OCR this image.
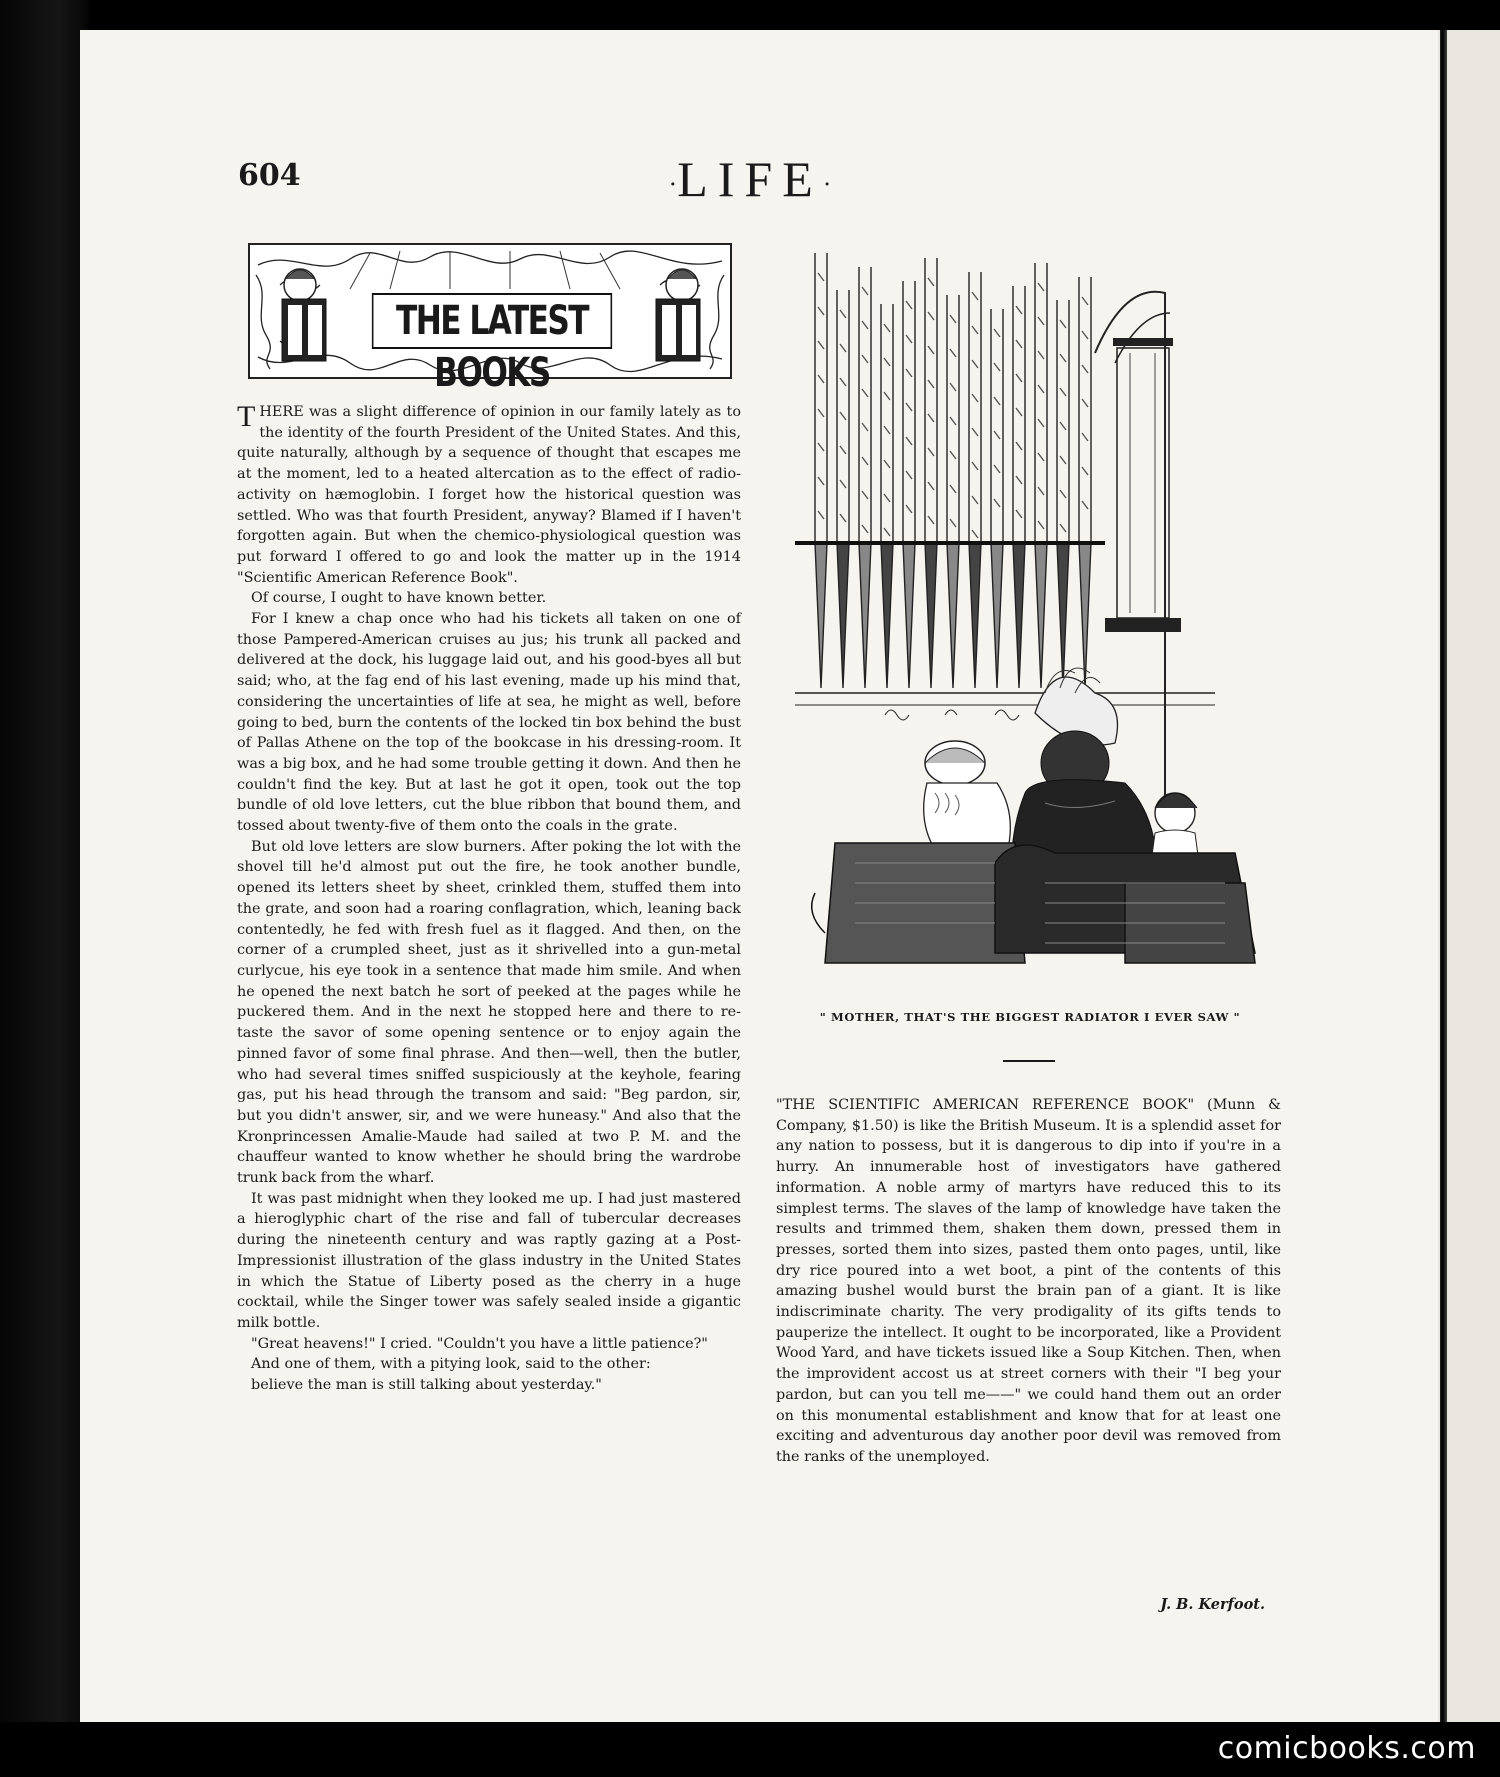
604	·LIFE·
THE LATEST BOOKS

THERE was a slight difference of opinion in our family lately as to the identity of the fourth President of the United States. And this, quite naturally, although by a sequence of thought that escapes me at the moment, led to a heated altercation as to the effect of radio-activity on hæmoglobin. I forget how the historical question was settled. Who was that fourth President, anyway? Blamed if I haven't forgotten again. But when the chemico-physiological question was put forward I offered to go and look the matter up in the 1914 "Scientific American Reference Book".

Of course, I ought to have known better.

For I knew a chap once who had his tickets all taken on one of those Pampered-American cruises au jus; his trunk all packed and delivered at the dock, his luggage laid out, and his good-byes all but said; who, at the fag end of his last evening, made up his mind that, considering the uncertainties of life at sea, he might as well, before going to bed, burn the contents of the locked tin box behind the bust of Pallas Athene on the top of the bookcase in his dressing-room. It was a big box, and he had some trouble getting it down. And then he couldn't find the key. But at last he got it open, took out the top bundle of old love letters, cut the blue ribbon that bound them, and tossed about twenty-five of them onto the coals in the grate.

But old love letters are slow burners. After poking the lot with the shovel till he'd almost put out the fire, he took another bundle, opened its letters sheet by sheet, crinkled them, stuffed them into the grate, and soon had a roaring conflagration, which, leaning back contentedly, he fed with fresh fuel as it flagged. And then, on the corner of a crumpled sheet, just as it shrivelled into a gun-metal curlycue, his eye took in a sentence that made him smile. And when he opened the next batch he sort of peeked at the pages while he puckered them. And in the next he stopped here and there to re-taste the savor of some opening sentence or to enjoy again the pinned favor of some final phrase. And then—well, then the butler, who had several times sniffed suspiciously at the keyhole, fearing gas, put his head through the transom and said: "Beg pardon, sir, but you didn't answer, sir, and we were huneasy." And also that the Kronprincessen Amalie-Maude had sailed at two P. M. and the chauffeur wanted to know whether he should bring the wardrobe trunk back from the wharf.

It was past midnight when they looked me up. I had just mastered a hieroglyphic chart of the rise and fall of tubercular decreases during the nineteenth century and was raptly gazing at a Post-Impressionist illustration of the glass industry in the United States in which the Statue of Liberty posed as the cherry in a huge cocktail, while the Singer tower was safely sealed inside a gigantic milk bottle.

"Great heavens!" I cried. "Couldn't you have a little patience?"

And one of them, with a pitying look, said to the other:

believe the man is still talking about yesterday."

" MOTHER, THAT'S THE BIGGEST RADIATOR I EVER SAW "

"THE SCIENTIFIC AMERICAN REFERENCE BOOK" (Munn & Company, $1.50) is like the British Museum. It is a splendid asset for any nation to possess, but it is dangerous to dip into if you're in a hurry. An innumerable host of investigators have gathered information. A noble army of martyrs have reduced this to its simplest terms. The slaves of the lamp of knowledge have taken the results and trimmed them, shaken them down, pressed them in presses, sorted them into sizes, pasted them onto pages, until, like dry rice poured into a wet boot, a pint of the contents of this amazing bushel would burst the brain pan of a giant. It is like indiscriminate charity. The very prodigality of its gifts tends to pauperize the intellect. It ought to be incorporated, like a Provident Wood Yard, and have tickets issued like a Soup Kitchen. Then, when the improvident accost us at street corners with their "I beg your pardon, but can you tell me——" we could hand them out an order on this monumental establishment and know that for at least one exciting and adventurous day another poor devil was removed from the ranks of the unemployed.

J. B. Kerfoot.
comicbooks.com
